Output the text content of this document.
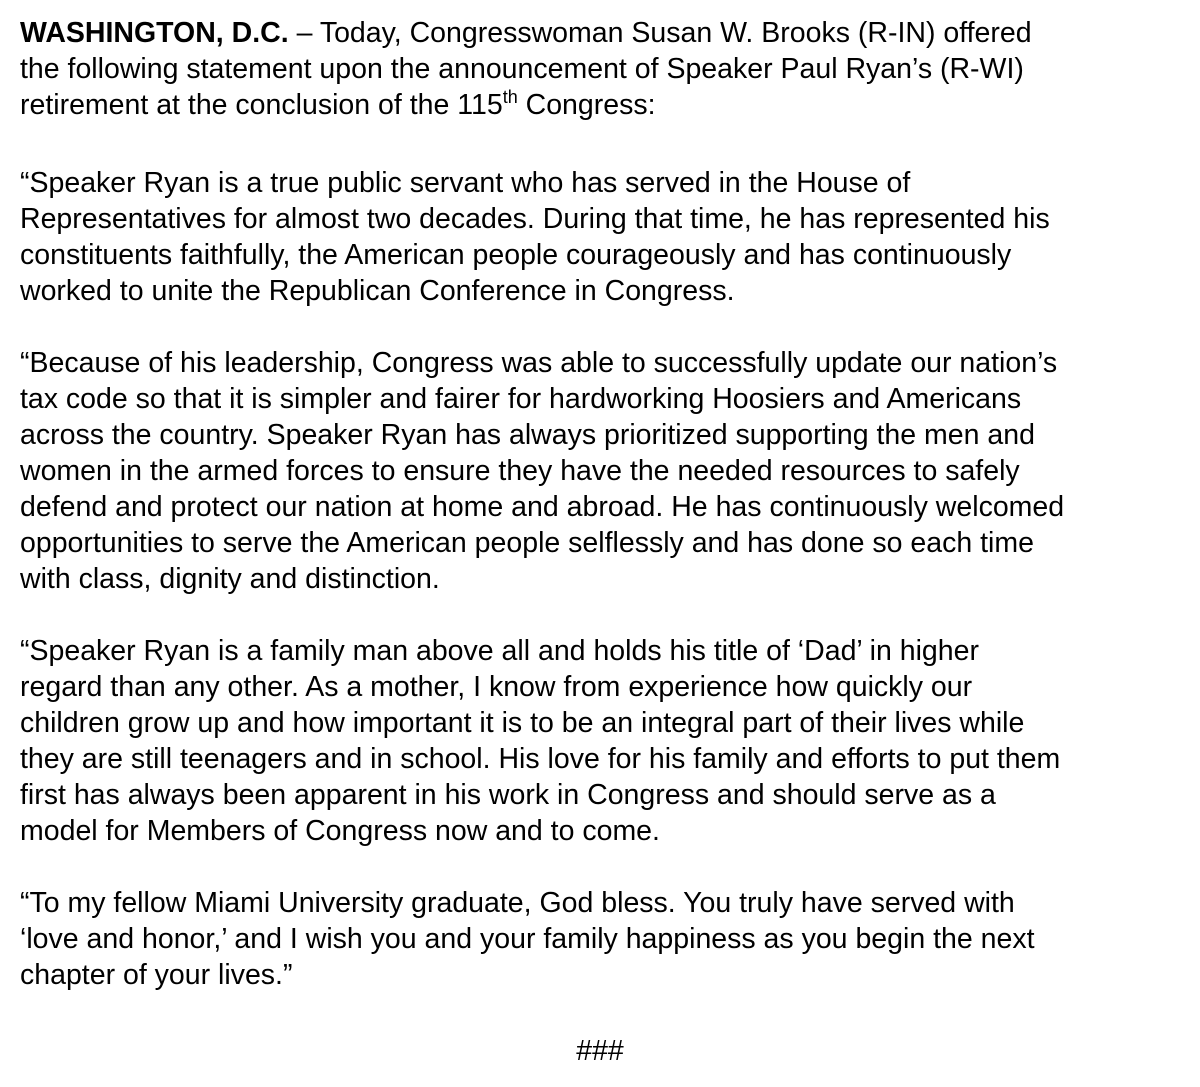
WASHINGTON, D.C. – Today, Congresswoman Susan W. Brooks (R-IN) offered
the following statement upon the announcement of Speaker Paul Ryan’s (R-WI)
retirement at the conclusion of the 115th Congress:

“Speaker Ryan is a true public servant who has served in the House of
Representatives for almost two decades. During that time, he has represented his
constituents faithfully, the American people courageously and has continuously
worked to unite the Republican Conference in Congress.

“Because of his leadership, Congress was able to successfully update our nation’s
tax code so that it is simpler and fairer for hardworking Hoosiers and Americans
across the country. Speaker Ryan has always prioritized supporting the men and
women in the armed forces to ensure they have the needed resources to safely
defend and protect our nation at home and abroad. He has continuously welcomed
opportunities to serve the American people selflessly and has done so each time
with class, dignity and distinction.

“Speaker Ryan is a family man above all and holds his title of ‘Dad’ in higher
regard than any other. As a mother, I know from experience how quickly our
children grow up and how important it is to be an integral part of their lives while
they are still teenagers and in school. His love for his family and efforts to put them
first has always been apparent in his work in Congress and should serve as a
model for Members of Congress now and to come.

“To my fellow Miami University graduate, God bless. You truly have served with
‘love and honor,’ and I wish you and your family happiness as you begin the next
chapter of your lives.”

###
